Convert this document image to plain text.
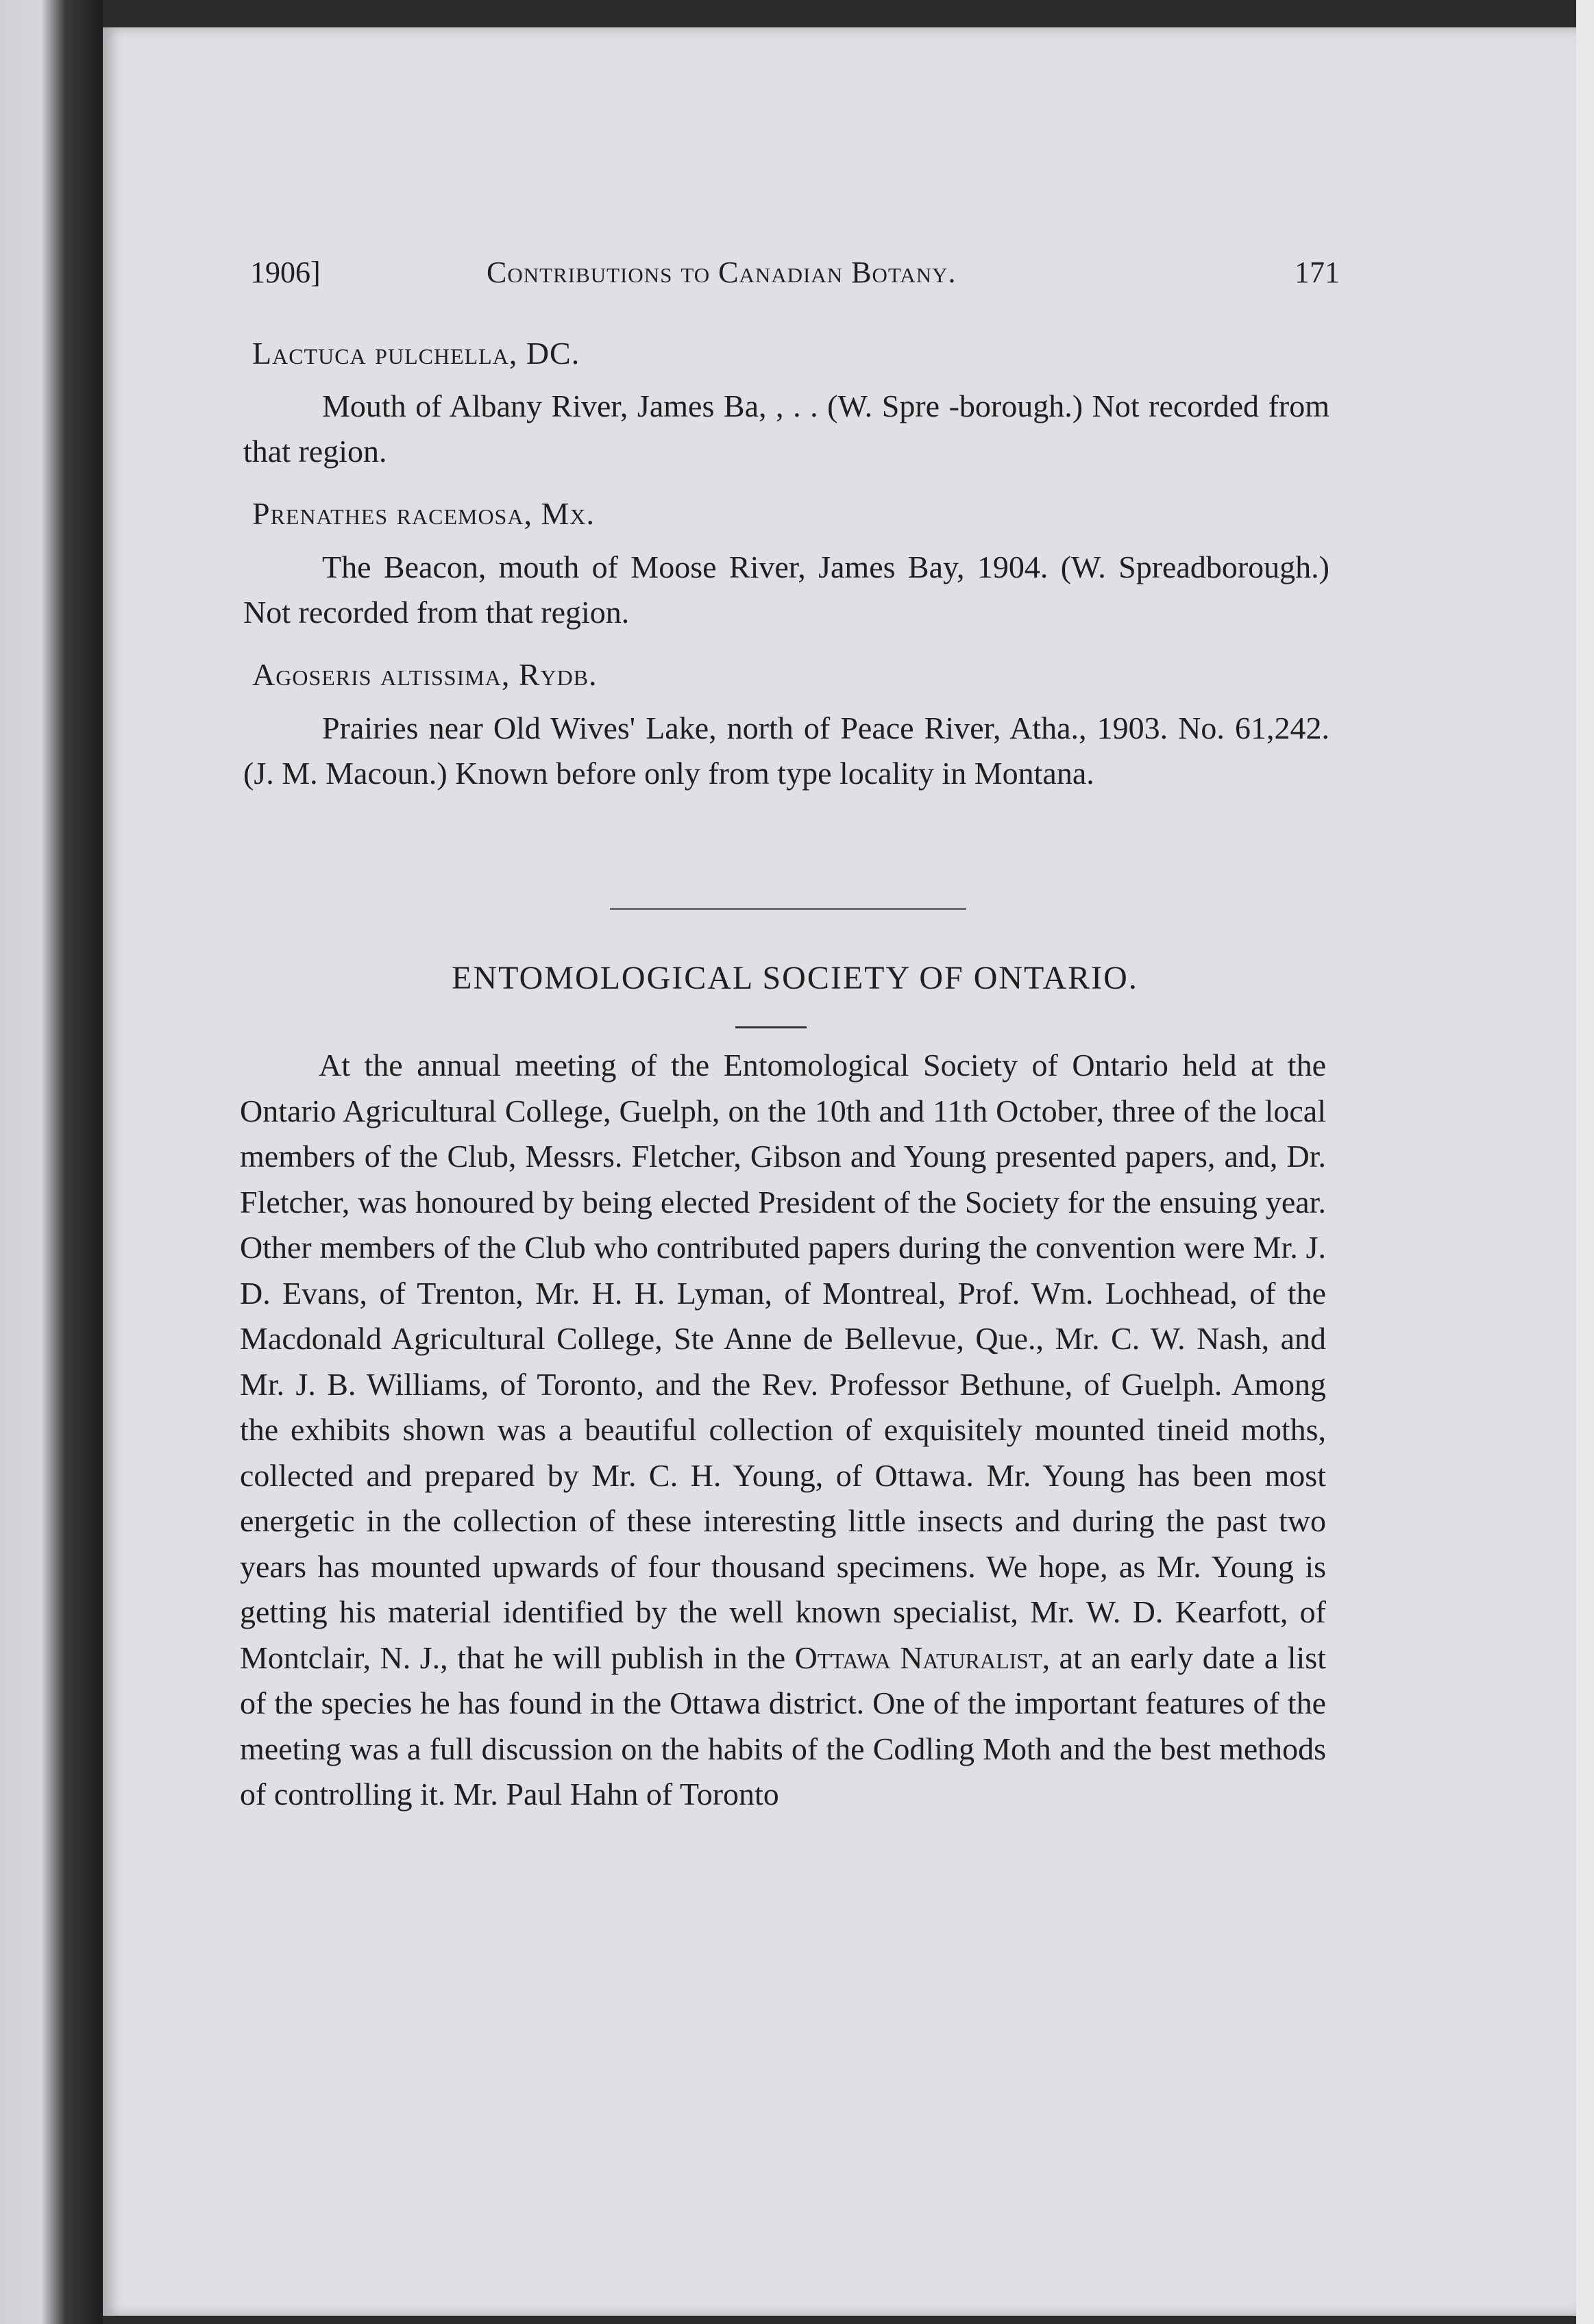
1906]	Contributions to Canadian Botany.	171
Lactuca pulchella, DC.
Mouth of Albany River, James Ba, , . . (W. Spre -borough.) Not recorded from that region.
Prenathes racemosa, Mx.
The Beacon, mouth of Moose River, James Bay, 1904. (W. Spreadborough.) Not recorded from that region.
Agoseris altissima, Rydb.
Prairies near Old Wives' Lake, north of Peace River, Atha., 1903. No. 61,242. (J. M. Macoun.) Known before only from type locality in Montana.
ENTOMOLOGICAL SOCIETY OF ONTARIO.
At the annual meeting of the Entomological Society of Ontario held at the Ontario Agricultural College, Guelph, on the 10th and 11th October, three of the local members of the Club, Messrs. Fletcher, Gibson and Young presented papers, and, Dr. Fletcher, was honoured by being elected President of the Society for the ensuing year. Other members of the Club who contributed papers during the convention were Mr. J. D. Evans, of Trenton, Mr. H. H. Lyman, of Montreal, Prof. Wm. Lochhead, of the Macdonald Agricultural College, Ste Anne de Bellevue, Que., Mr. C. W. Nash, and Mr. J. B. Williams, of Toronto, and the Rev. Professor Bethune, of Guelph. Among the exhibits shown was a beautiful collection of exquisitely mounted tineid moths, collected and prepared by Mr. C. H. Young, of Ottawa. Mr. Young has been most energetic in the collection of these interesting little insects and during the past two years has mounted upwards of four thousand specimens. We hope, as Mr. Young is getting his material identified by the well known specialist, Mr. W. D. Kearfott, of Montclair, N. J., that he will publish in the Ottawa Naturalist, at an early date a list of the species he has found in the Ottawa district. One of the important features of the meeting was a full discussion on the habits of the Codling Moth and the best methods of controlling it. Mr. Paul Hahn of Toronto
